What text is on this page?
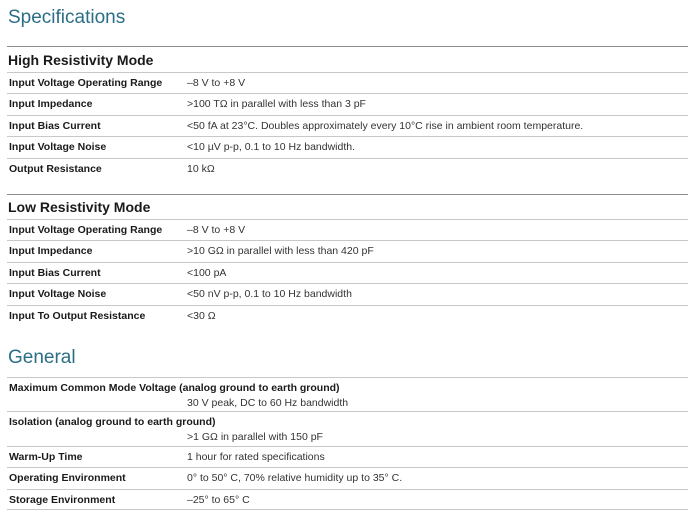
Specifications
High Resistivity Mode
Input Voltage Operating Range –8 V to +8 V
Input Impedance	>100 TΩ in parallel with less than 3 pF
Input Bias Current	<50 fA at 23°C. Doubles approximately every 10°C rise in ambient room temperature.
Input Voltage Noise	<10 µV p-p, 0.1 to 10 Hz bandwidth.
Output Resistance	10 kΩ
Low Resistivity Mode
Input Voltage Operating Range –8 V to +8 V
Input Impedance	>10 GΩ in parallel with less than 420 pF
Input Bias Current	<100 pA
Input Voltage Noise	<50 nV p-p, 0.1 to 10 Hz bandwidth
Input To Output Resistance	<30 Ω
General
Maximum Common Mode Voltage (analog ground to earth ground)
30 V peak, DC to 60 Hz bandwidth
Isolation (analog ground to earth ground)
>1 GΩ in parallel with 150 pF
Warm-Up Time	1 hour for rated specifications
Operating Environment	0° to 50° C, 70% relative humidity up to 35° C.
Storage Environment	–25° to 65° C
